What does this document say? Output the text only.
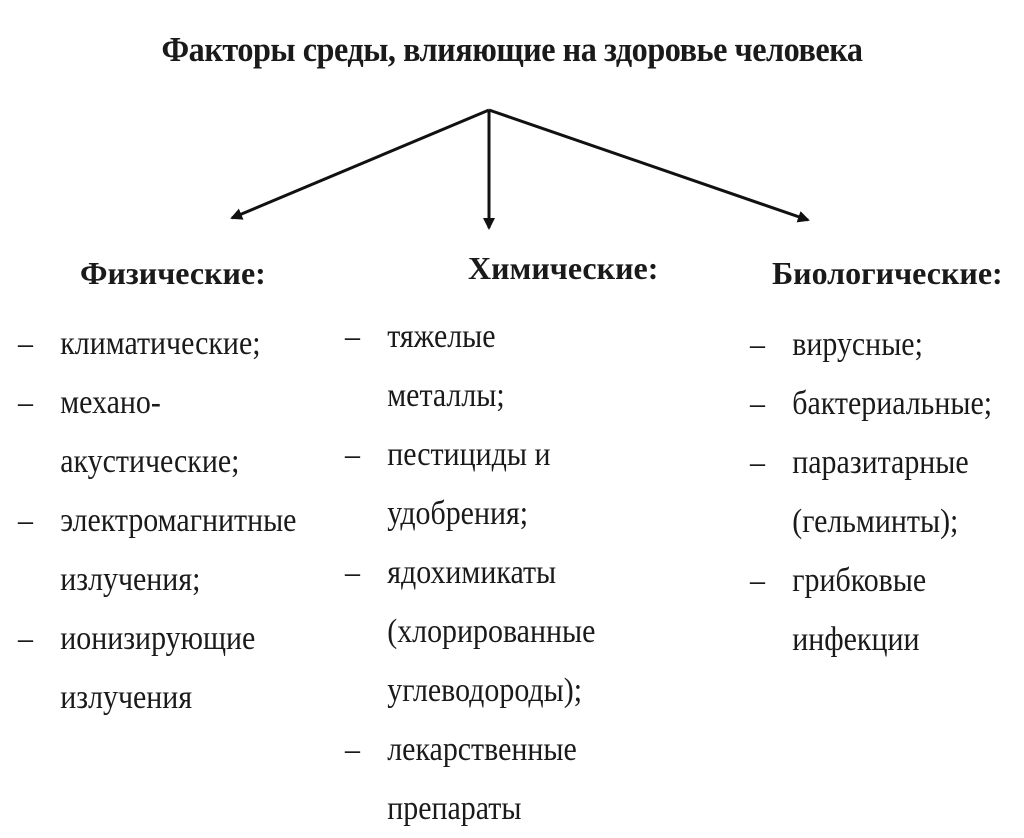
Факторы среды, влияющие на здоровье человека
Физические:
– климатические;
– механо-
акустические;
– электромагнитные
излучения;
– ионизирующие
излучения
Химические:
– тяжелые металлы;
– пестициды и удобрения;
– ядохимикаты
(хлорированные
углеводороды);
– лекарственные
препараты
Биологические:
– вирусные;
– бактериальные;
– паразитарные
(гельминты);
– грибковые
инфекции
